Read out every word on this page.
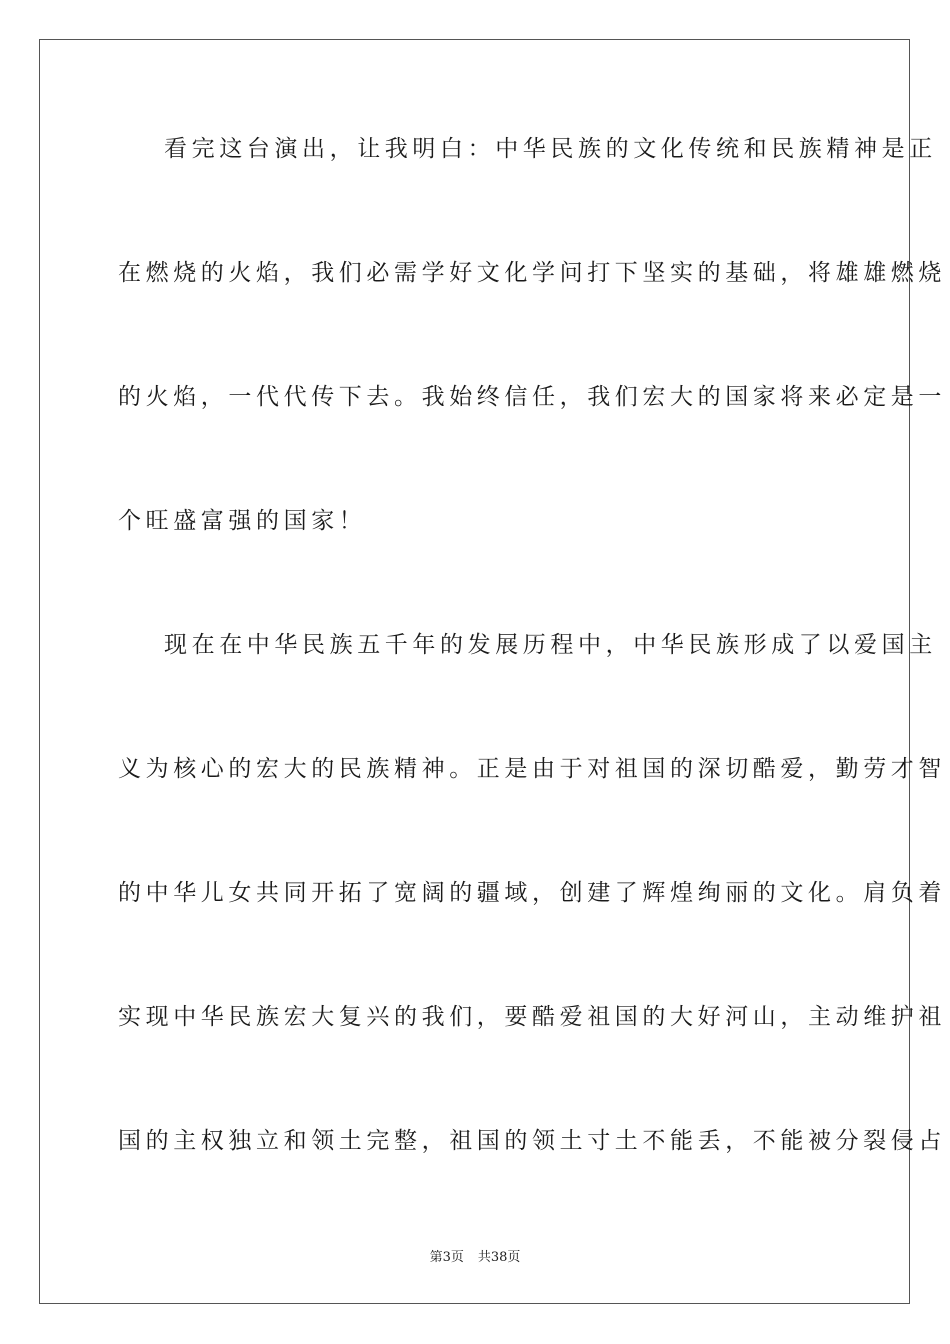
看完这台演出，让我明白：中华民族的文化传统和民族精神是正
在燃烧的火焰，我们必需学好文化学问打下坚实的基础，将雄雄燃烧
的火焰，一代代传下去。我始终信任，我们宏大的国家将来必定是一
个旺盛富强的国家！
现在在中华民族五千年的发展历程中，中华民族形成了以爱国主
义为核心的宏大的民族精神。正是由于对祖国的深切酷爱，勤劳才智
的中华儿女共同开拓了宽阔的疆域，创建了辉煌绚丽的文化。肩负着
实现中华民族宏大复兴的我们，要酷爱祖国的大好河山，主动维护祖
国的主权独立和领土完整，祖国的领土寸土不能丢，不能被分裂侵占
第3页 共38页
